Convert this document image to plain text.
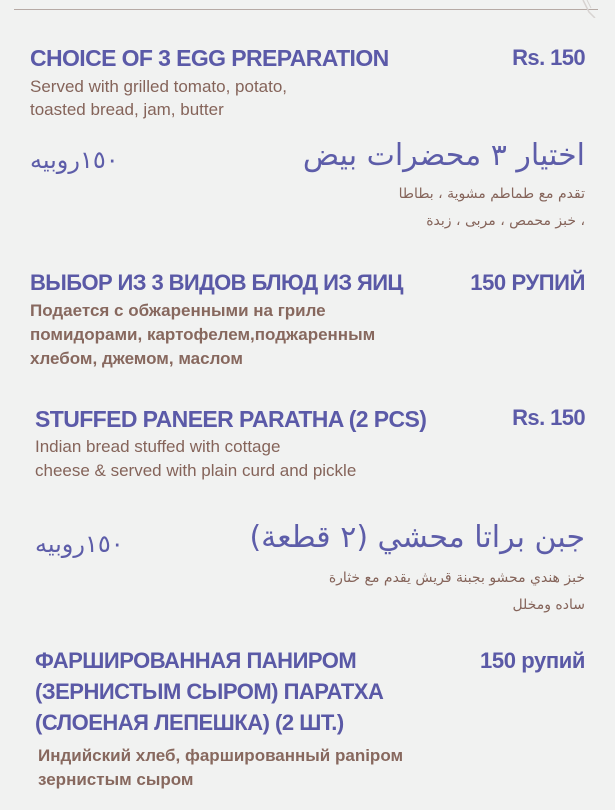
CHOICE OF 3 EGG PREPARATION	Rs. 150
Served with grilled tomato, potato,
toasted bread, jam, butter
١٥٠روبيه	اختيار ٣ محضرات بيض
تقدم مع طماطم مشوية ، بطاطا
، خبز محمص ، مربى ، زبدة
ВЫБОР ИЗ 3 ВИДОВ БЛЮД ИЗ ЯИЦ	150 РУПИЙ
Подается с обжаренными на гриле
помидорами, картофелем,поджаренным
хлебом, джемом, маслом
STUFFED PANEER PARATHA (2 PCS)	Rs. 150
Indian bread stuffed with cottage
cheese & served with plain curd and pickle
١٥٠روبيه	جبن براتا محشي (٢ قطعة)
خبز هندي محشو بجبنة قريش يقدم مع خثارة
ساده ومخلل
ФАРШИРОВАННАЯ ПАНИРОМ
(ЗЕРНИСТЫМ СЫРОМ) ПАРАТХА
(СЛОЕНАЯ ЛЕПЕШКА) (2 ШТ.)
150 рупий
Индийский хлеб, фаршированный paniром
зернистым сыром
